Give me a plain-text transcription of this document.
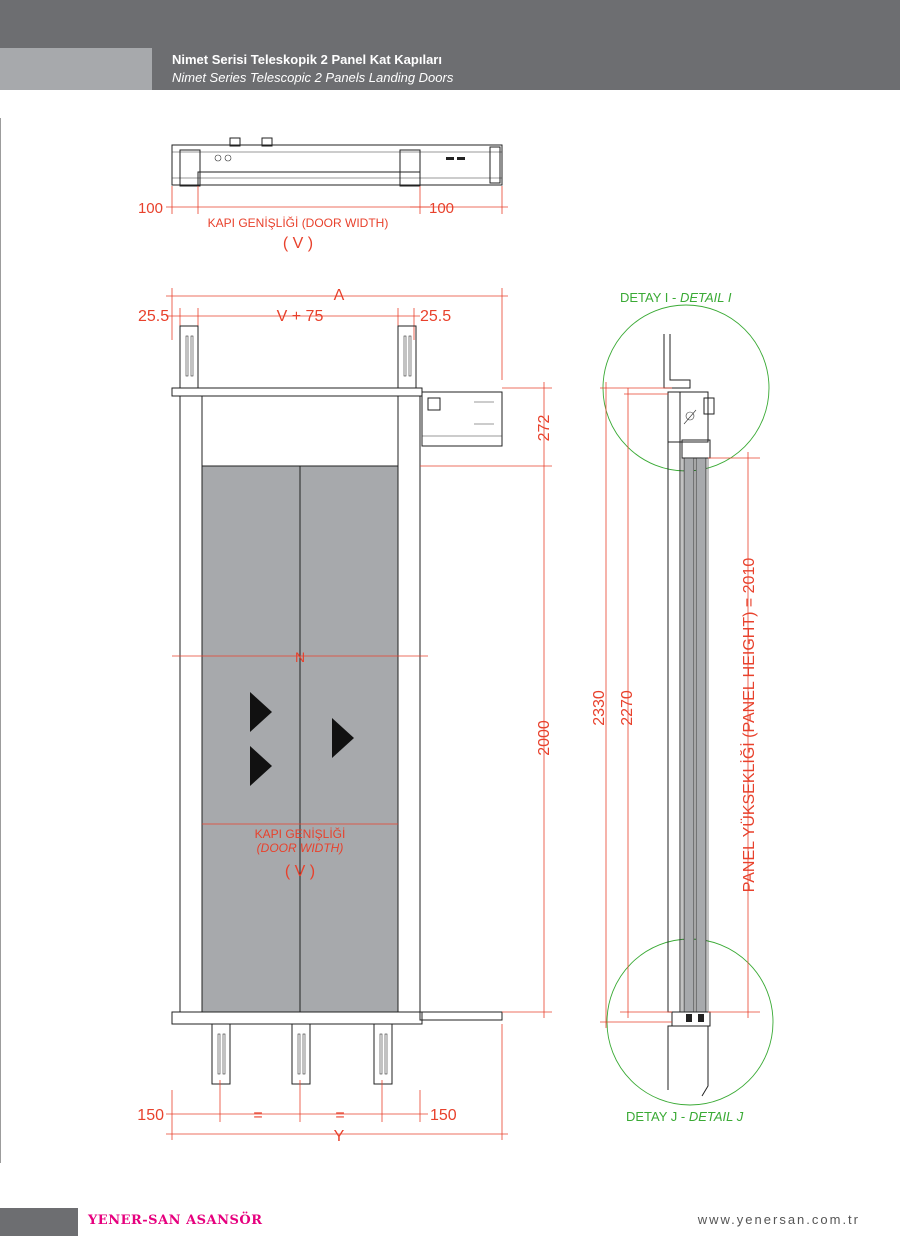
Nimet Serisi Teleskopik 2 Panel Kat Kapıları
Nimet Series Telescopic 2 Panels Landing Doors
100	100
KAPI GENİŞLİĞİ (DOOR WIDTH)
( V )
A
25.5	V + 75	25.5
N
KAPI GENİŞLİĞİ
(DOOR WIDTH)
( V )
272
2000
150	=	=	150
Y
2330 2270	PANEL YÜKSEKLİĞİ (PANEL HEIGHT) = 2010
DETAY I - DETAIL I
DETAY J - DETAIL J
YENER-SAN ASANSÖR	www.yenersan.com.tr
